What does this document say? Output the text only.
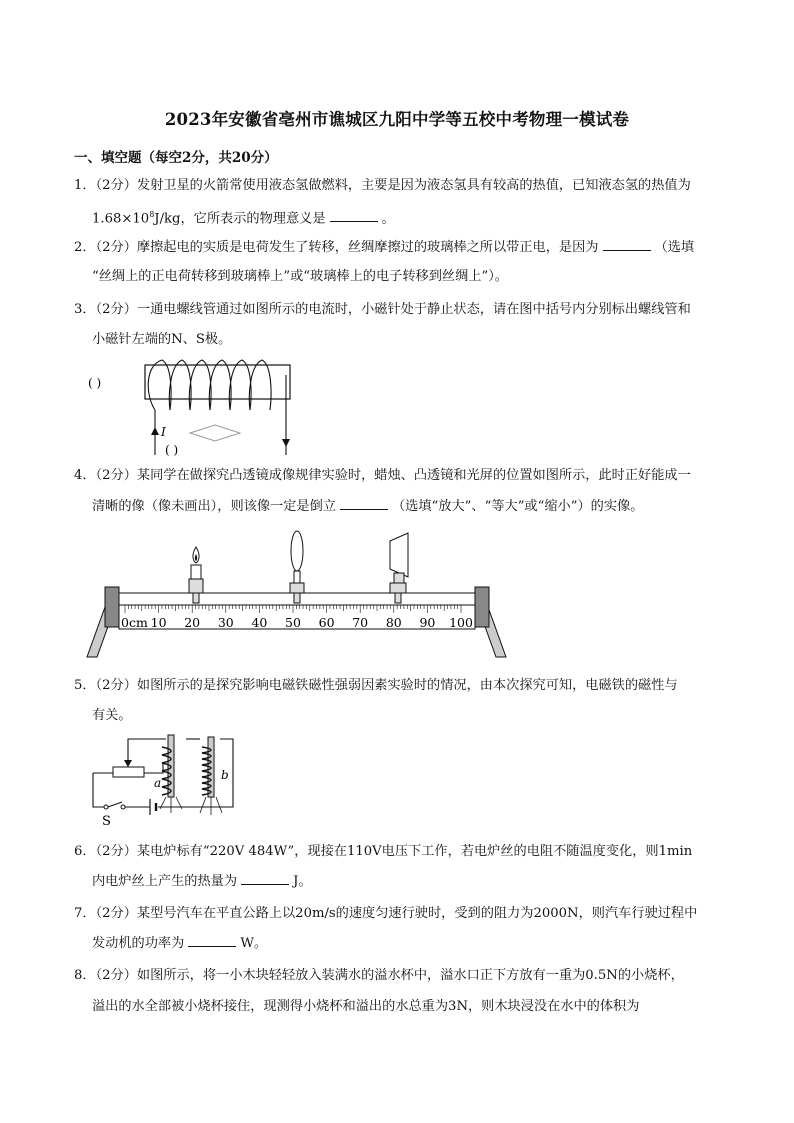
2023年安徽省亳州市谯城区九阳中学等五校中考物理一模试卷
一、填空题（每空2分，共20分）
1．（2分）发射卫星的火箭常使用液态氢做燃料，主要是因为液态氢具有较高的热值，已知液态氢的热值为
$1.68\times 10^8J/kg$，它所表示的物理意义是	。
2．（2分）摩擦起电的实质是电荷发生了转移，丝绸摩擦过的玻璃棒之所以带正电，是因为	（选填
“丝绸上的正电荷转移到玻璃棒上”或“玻璃棒上的电子转移到丝绸上”）。
3．（2分）一通电螺线管通过如图所示的电流时，小磁针处于静止状态，请在图中括号内分别标出螺线管和
小磁针左端的N、S极。
( )
I
( )
4．（2分）某同学在做探究凸透镜成像规律实验时，蜡烛、凸透镜和光屏的位置如图所示，此时正好能成一
清晰的像（像未画出），则该像一定是倒立	（选填“放大”、“等大”或“缩小”）的实像。
0cm 10 20 30 40 50 60 70 80 90 100
5．（2分）如图所示的是探究影响电磁铁磁性强弱因素实验时的情况，由本次探究可知，电磁铁的磁性与
有关。
a
b
S
6．（2分）某电炉标有“220V 484W”，现接在110V电压下工作，若电炉丝的电阻不随温度变化，则1min
内电炉丝上产生的热量为	J。
7．（2分）某型号汽车在平直公路上以20m/s的速度匀速行驶时，受到的阻力为2000N，则汽车行驶过程中
发动机的功率为	W。
8．（2分）如图所示，将一小木块轻轻放入装满水的溢水杯中，溢水口正下方放有一重为0.5N的小烧杯，
溢出的水全部被小烧杯接住，现测得小烧杯和溢出的水总重为3N，则木块浸没在水中的体积为
